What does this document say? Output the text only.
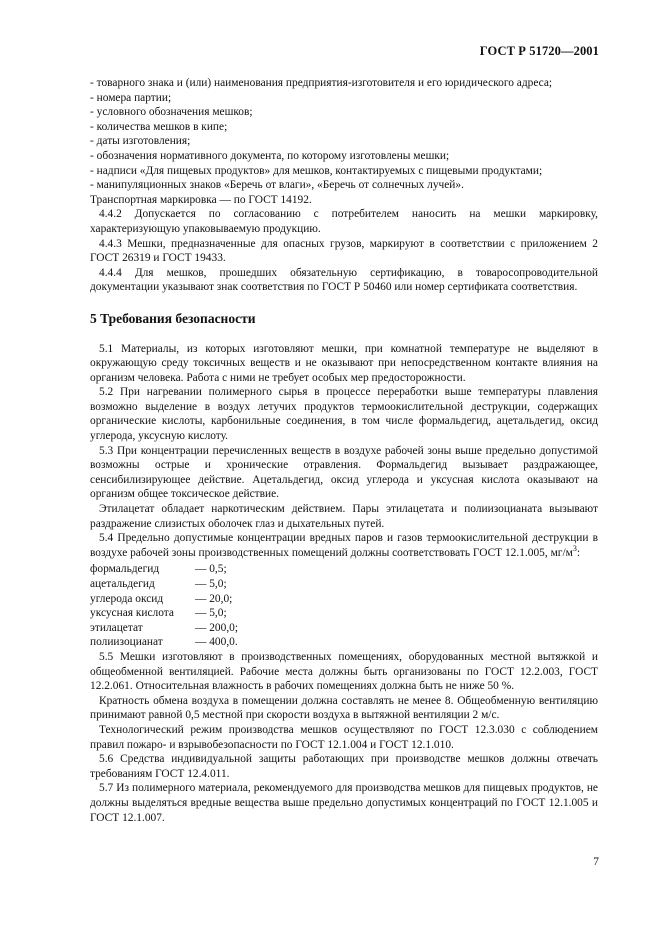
ГОСТ Р 51720—2001

- товарного знака и (или) наименования предприятия-изготовителя и его юридического адреса;

- номера партии;

- условного обозначения мешков;

- количества мешков в кипе;

- даты изготовления;

- обозначения нормативного документа, по которому изготовлены мешки;

- надписи «Для пищевых продуктов» для мешков, контактируемых с пищевыми продуктами;

- манипуляционных знаков «Беречь от влаги», «Беречь от солнечных лучей».

Транспортная маркировка — по ГОСТ 14192.

4.4.2 Допускается по согласованию с потребителем наносить на мешки маркировку, характеризующую упаковываемую продукцию.

4.4.3 Мешки, предназначенные для опасных грузов, маркируют в соответствии с приложением 2 ГОСТ 26319 и ГОСТ 19433.

4.4.4 Для мешков, прошедших обязательную сертификацию, в товаросопроводительной документации указывают знак соответствия по ГОСТ Р 50460 или номер сертификата соответствия.

5 Требования безопасности

5.1 Материалы, из которых изготовляют мешки, при комнатной температуре не выделяют в окружающую среду токсичных веществ и не оказывают при непосредственном контакте влияния на организм человека. Работа с ними не требует особых мер предосторожности.

5.2 При нагревании полимерного сырья в процессе переработки выше температуры плавления возможно выделение в воздух летучих продуктов термоокислительной деструкции, содержащих органические кислоты, карбонильные соединения, в том числе формальдегид, ацетальдегид, оксид углерода, уксусную кислоту.

5.3 При концентрации перечисленных веществ в воздухе рабочей зоны выше предельно допустимой возможны острые и хронические отравления. Формальдегид вызывает раздражающее, сенсибилизирующее действие. Ацетальдегид, оксид углерода и уксусная кислота оказывают на организм общее токсическое действие.

Этилацетат обладает наркотическим действием. Пары этилацетата и полиизоцианата вызывают раздражение слизистых оболочек глаз и дыхательных путей.

5.4 Предельно допустимые концентрации вредных паров и газов термоокислительной деструкции в воздухе рабочей зоны производственных помещений должны соответствовать ГОСТ 12.1.005, $мг/м^3$:

формальдегид	— 0,5;
ацетальдегид	— 5,0;
углерода оксид	— 20,0;
уксусная кислота	— 5,0;
этилацетат	— 200,0;
полиизоцианат	— 400,0.

5.5 Мешки изготовляют в производственных помещениях, оборудованных местной вытяжкой и общеобменной вентиляцией. Рабочие места должны быть организованы по ГОСТ 12.2.003, ГОСТ 12.2.061. Относительная влажность в рабочих помещениях должна быть не ниже 50 %.

Кратность обмена воздуха в помещении должна составлять не менее 8. Общеобменную вентиляцию принимают равной 0,5 местной при скорости воздуха в вытяжной вентиляции 2 м/с.

Технологический режим производства мешков осуществляют по ГОСТ 12.3.030 с соблюдением правил пожаро- и взрывобезопасности по ГОСТ 12.1.004 и ГОСТ 12.1.010.

5.6 Средства индивидуальной защиты работающих при производстве мешков должны отвечать требованиям ГОСТ 12.4.011.

5.7 Из полимерного материала, рекомендуемого для производства мешков для пищевых продуктов, не должны выделяться вредные вещества выше предельно допустимых концентраций по ГОСТ 12.1.005 и ГОСТ 12.1.007.

7
